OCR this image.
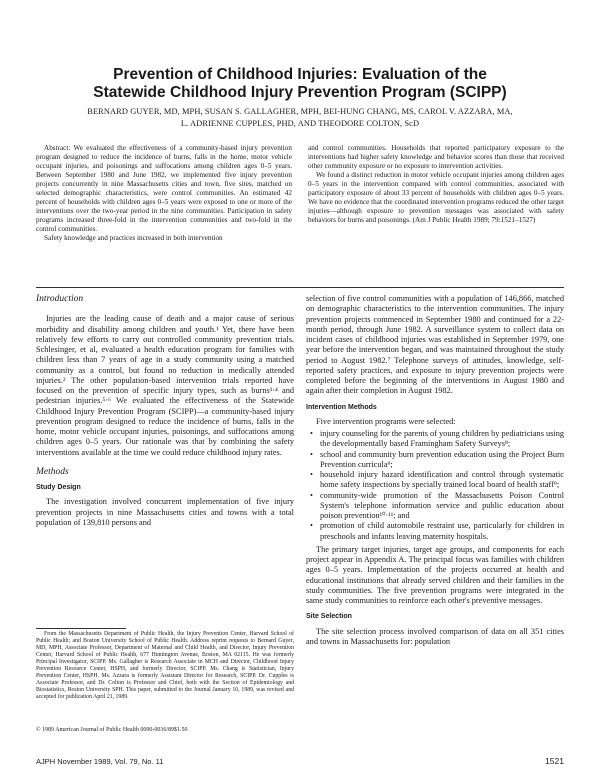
Prevention of Childhood Injuries: Evaluation of the
Statewide Childhood Injury Prevention Program (SCIPP)
BERNARD GUYER, MD, MPH, SUSAN S. GALLAGHER, MPH, BEI-HUNG CHANG, MS, CAROL V. AZZARA, MA,
L. ADRIENNE CUPPLES, PHD, AND THEODORE COLTON, ScD

Abstract: We evaluated the effectiveness of a community-based injury prevention program designed to reduce the incidence of burns, falls in the home, motor vehicle occupant injuries, and poisonings and suffocations among children ages 0–5 years. Between September 1980 and June 1982, we implemented five injury prevention projects concurrently in nine Massachusetts cities and town, five sites, matched on selected demographic characteristics, were control communities. An estimated 42 percent of households with children ages 0–5 years were exposed to one or more of the interventions over the two-year period in the nine communities. Participation in safety programs increased three-fold in the intervention communities and two-fold in the control communities.

Safety knowledge and practices increased in both intervention

and control communities. Households that reported participatory exposure to the interventions had higher safety knowledge and behavior scores than those that received other community exposure or no exposure to intervention activities.

We found a distinct reduction in motor vehicle occupant injuries among children ages 0–5 years in the intervention compared with control communities, associated with participatory exposure of about 33 percent of households with children ages 0–5 years. We have no evidence that the coordinated intervention programs reduced the other target injuries—although exposure to prevention messages was associated with safety behaviors for burns and poisonings. (Am J Public Health 1989; 79:1521–1527)

Introduction

Injuries are the leading cause of death and a major cause of serious morbidity and disability among children and youth.¹ Yet, there have been relatively few efforts to carry out controlled community prevention trials. Schlesinger, et al, evaluated a health education program for families with children less than 7 years of age in a study community using a matched community as a control, but found no reduction in medically attended injuries.² The other population-based intervention trials reported have focused on the prevention of specific injury types, such as burns³·⁴ and pedestrian injuries.⁵·⁶ We evaluated the effectiveness of the Statewide Childhood Injury Prevention Program (SCIPP)—a community-based injury prevention program designed to reduce the incidence of burns, falls in the home, motor vehicle occupant injuries, poisonings, and suffocations among children ages 0–5 years. Our rationale was that by combining the safety interventions available at the time we could reduce childhood injury rates.

Methods
Study Design

The investigation involved concurrent implementation of five injury prevention projects in nine Massachusetts cities and towns with a total population of 139,810 persons and

From the Massachusetts Department of Public Health, the Injury Prevention Center, Harvard School of Public Health; and Boston University School of Public Health. Address reprint requests to Bernard Guyer, MD, MPH, Associate Professor, Department of Maternal and Child Health, and Director, Injury Prevention Center, Harvard School of Public Health, 677 Huntington Avenue, Boston, MA 02115. He was formerly Principal Investigator, SCIPP. Ms. Gallagher is Research Associate in MCH and Director, Childhood Injury Prevention Resource Center, HSPH, and formerly Director, SCIPP. Ms. Chang is Statistician, Injury Prevention Center, HSPH. Ms. Azzara is formerly Assistant Director for Research, SCIPP. Dr. Cupples is Associate Professor, and Dr. Colton is Professor and Chief, both with the Section of Epidemiology and Biostatistics, Boston University SPH. This paper, submitted to the Journal January 10, 1989, was revised and accepted for publication April 21, 1989.

© 1989 American Journal of Public Health 0090-0036/89$1.50

selection of five control communities with a population of 146,866, matched on demographic characteristics to the intervention communities. The injury prevention projects commenced in September 1980 and continued for a 22-month period, through June 1982. A surveillance system to collect data on incident cases of childhood injuries was established in September 1979, one year before the intervention began, and was maintained throughout the study period to August 1982.⁷ Telephone surveys of attitudes, knowledge, self-reported safety practices, and exposure to injury prevention projects were completed before the beginning of the interventions in August 1980 and again after their completion in August 1982.

Intervention Methods

Five intervention programs were selected:

• injury counseling for the parents of young children by pediatricians using the developmentally based Framingham Safety Surveys⁸;
• school and community burn prevention education using the Project Burn Prevention curricula⁹;
• household injury hazard identification and control through systematic home safety inspections by specially trained local board of health staff⁹;
• community-wide promotion of the Massachusetts Poison Control System's telephone information service and public education about poison prevention¹⁰·¹¹; and
• promotion of child automobile restraint use, particularly for children in preschools and infants leaving maternity hospitals.

The primary target injuries, target age groups, and components for each project appear in Appendix A. The principal focus was families with children ages 0–5 years. Implementation of the projects occurred at health and educational institutions that already served children and their families in the study communities. The five prevention programs were integrated in the same study communities to reinforce each other's preventive messages.

Site Selection

The site selection process involved comparison of data on all 351 cities and towns in Massachusetts for: population

AJPH November 1989, Vol. 79, No. 11	1521
